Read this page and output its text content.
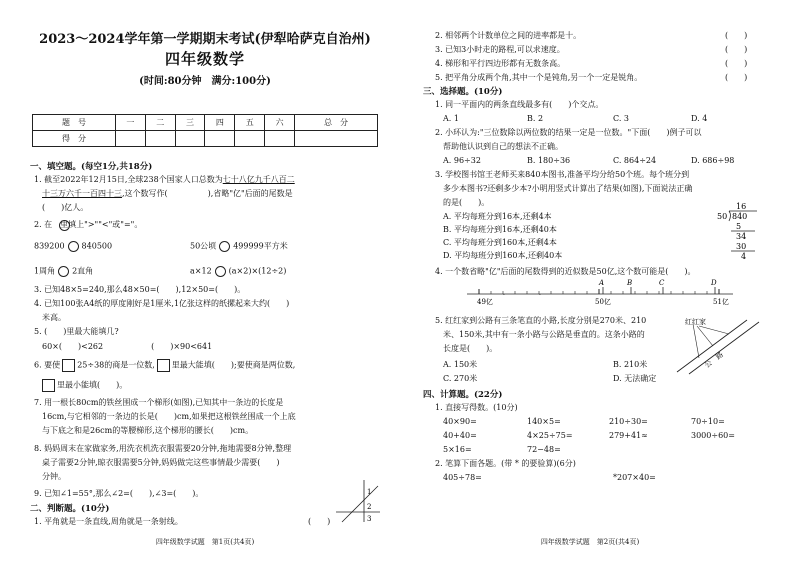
2023～2024学年第一学期期末考试(伊犁哈萨克自治州)
四年级数学
(时间:80分钟　满分:100分)
题　号	一	二	三	四	五	六	总　分
得　分							
一、填空题。(每空1分,共18分)
1. 截至2022年12月15日,全球238个国家人口总数为七十八亿九千八百二
十三万六千一百四十三,这个数写作(　　　　　),省略"亿"后面的尾数是
(　　)亿人。
2. 在　里填上">""<"或"="。
839200 840500	50公顷 499999平方米
1周角 2直角	a×12 (a×2)×(12÷2)
3. 已知48×5=240,那么48×50=(　　),12×50=(　　)。
4. 已知100张A4纸的厚度刚好是1厘米,1亿张这样的纸摞起来大约(　　)
米高。
5. (　　)里最大能填几?
60×(　　)<262　　　　　　(　　)×90<641
6. 要使 25÷38的商是一位数, 里最大能填(　　);要使商是两位数,
里最小能填(　　)。
7. 用一根长80cm的铁丝围成一个梯形(如图),已知其中一条边的长度是
16cm,与它相邻的一条边的长是(　　)cm,如果把这根铁丝围成一个上底
与下底之和是26cm的等腰梯形,这个梯形的腰长(　　)cm。
8. 妈妈周末在家做家务,用洗衣机洗衣服需要20分钟,拖地需要8分钟,整理
桌子需要2分钟,晾衣服需要5分钟,妈妈做完这些事情最少需要(　　)
分钟。
9. 已知∠1=55°,那么∠2=(　　),∠3=(　　)。	1
2
3
二、判断题。(10分)
1. 平角就是一条直线,周角就是一条射线。	(　　)
四年级数学试题　第1页(共4页)
2. 相邻两个计数单位之间的进率都是十。	(　　)
3. 已知3小时走的路程,可以求速度。	(　　)
4. 梯形和平行四边形都有无数条高。	(　　)
5. 把平角分成两个角,其中一个是钝角,另一个一定是锐角。	(　　)
三、选择题。(10分)
1. 同一平面内的两条直线最多有(　　)个交点。
A. 1	B. 2	C. 3	D. 4
2. 小环认为:"三位数除以两位数的结果一定是一位数。"下面(　　)例子可以
帮助他认识到自己的想法不正确。
A. 96÷32	B. 180÷36	C. 864÷24	D. 686÷98
3. 学校图书馆王老师买来840本图书,准备平均分给50个班。每个班分到
多少本图书?还剩多少本?小明用竖式计算出了结果(如图),下面说法正确
的是(　　)。
A. 平均每班分到16本,还剩4本
B. 平均每班分到16本,还剩40本
C. 平均每班分到160本,还剩4本
D. 平均每班分到160本,还剩40本
16
50 840
5
34
30
4
4. 一个数省略"亿"后面的尾数得到的近似数是50亿,这个数可能是(　　)。
A	B	C	D
49亿	50亿	51亿
·	·
5. 红红家到公路有三条笔直的小路,长度分别是270米、210
米、150米,其中有一条小路与公路是垂直的。这条小路的
长度是(　　)。
A. 150米	B. 210米
C. 270米	D. 无法确定
红红家
公　路
四、计算题。(22分)
1. 直接写得数。(10分)
40×90=	140×5=	210÷30=	70÷10=
40+40=	4×25÷75=	279+41≈	3000÷60=
5×16=	72−48=
2. 笔算下面各题。(带 * 的要验算)(6分)
405÷78=	*207×40=
四年级数学试题　第2页(共4页)
